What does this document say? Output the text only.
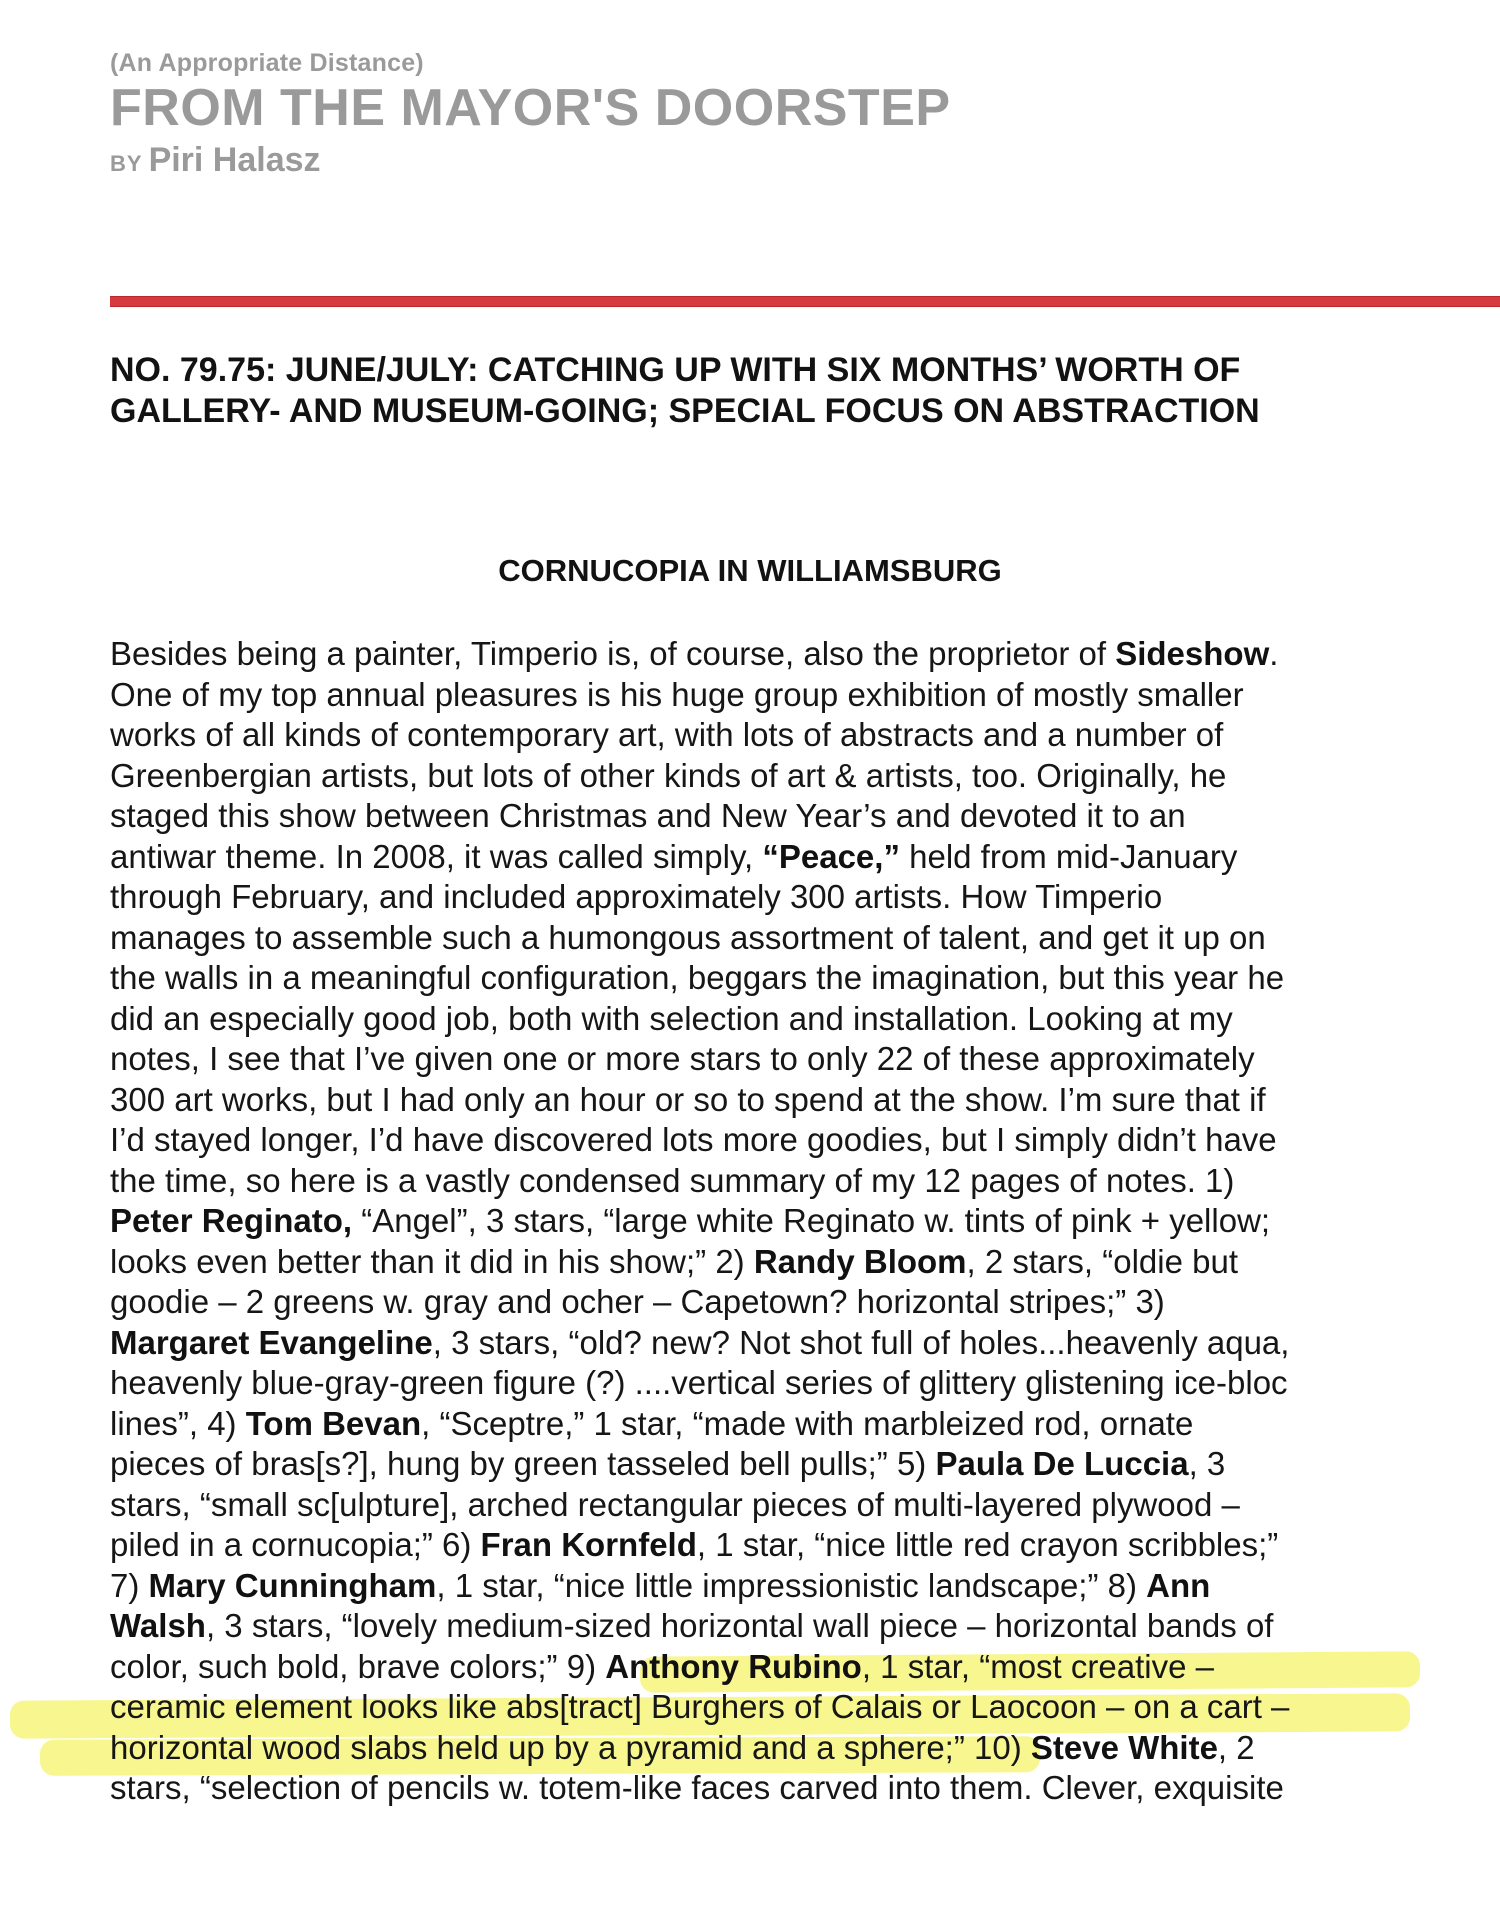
(An Appropriate Distance)
FROM THE MAYOR'S DOORSTEP
BY Piri Halasz
NO. 79.75: JUNE/JULY: CATCHING UP WITH SIX MONTHS’ WORTH OF
GALLERY- AND MUSEUM-GOING; SPECIAL FOCUS ON ABSTRACTION
CORNUCOPIA IN WILLIAMSBURG
Besides being a painter, Timperio is, of course, also the proprietor of Sideshow.
One of my top annual pleasures is his huge group exhibition of mostly smaller
works of all kinds of contemporary art, with lots of abstracts and a number of
Greenbergian artists, but lots of other kinds of art & artists, too. Originally, he
staged this show between Christmas and New Year’s and devoted it to an
antiwar theme. In 2008, it was called simply, “Peace,” held from mid-January
through February, and included approximately 300 artists. How Timperio
manages to assemble such a humongous assortment of talent, and get it up on
the walls in a meaningful configuration, beggars the imagination, but this year he
did an especially good job, both with selection and installation. Looking at my
notes, I see that I’ve given one or more stars to only 22 of these approximately
300 art works, but I had only an hour or so to spend at the show. I’m sure that if
I’d stayed longer, I’d have discovered lots more goodies, but I simply didn’t have
the time, so here is a vastly condensed summary of my 12 pages of notes. 1)
Peter Reginato, “Angel”, 3 stars, “large white Reginato w. tints of pink + yellow;
looks even better than it did in his show;” 2) Randy Bloom, 2 stars, “oldie but
goodie – 2 greens w. gray and ocher – Capetown? horizontal stripes;” 3)
Margaret Evangeline, 3 stars, “old? new? Not shot full of holes...heavenly aqua,
heavenly blue-gray-green figure (?) ....vertical series of glittery glistening ice-bloc
lines”, 4) Tom Bevan, “Sceptre,” 1 star, “made with marbleized rod, ornate
pieces of bras[s?], hung by green tasseled bell pulls;” 5) Paula De Luccia, 3
stars, “small sc[ulpture], arched rectangular pieces of multi-layered plywood –
piled in a cornucopia;” 6) Fran Kornfeld, 1 star, “nice little red crayon scribbles;”
7) Mary Cunningham, 1 star, “nice little impressionistic landscape;” 8) Ann
Walsh, 3 stars, “lovely medium-sized horizontal wall piece – horizontal bands of
color, such bold, brave colors;” 9) Anthony Rubino, 1 star, “most creative –
ceramic element looks like abs[tract] Burghers of Calais or Laocoon – on a cart –
horizontal wood slabs held up by a pyramid and a sphere;” 10) Steve White, 2
stars, “selection of pencils w. totem-like faces carved into them. Clever, exquisite
